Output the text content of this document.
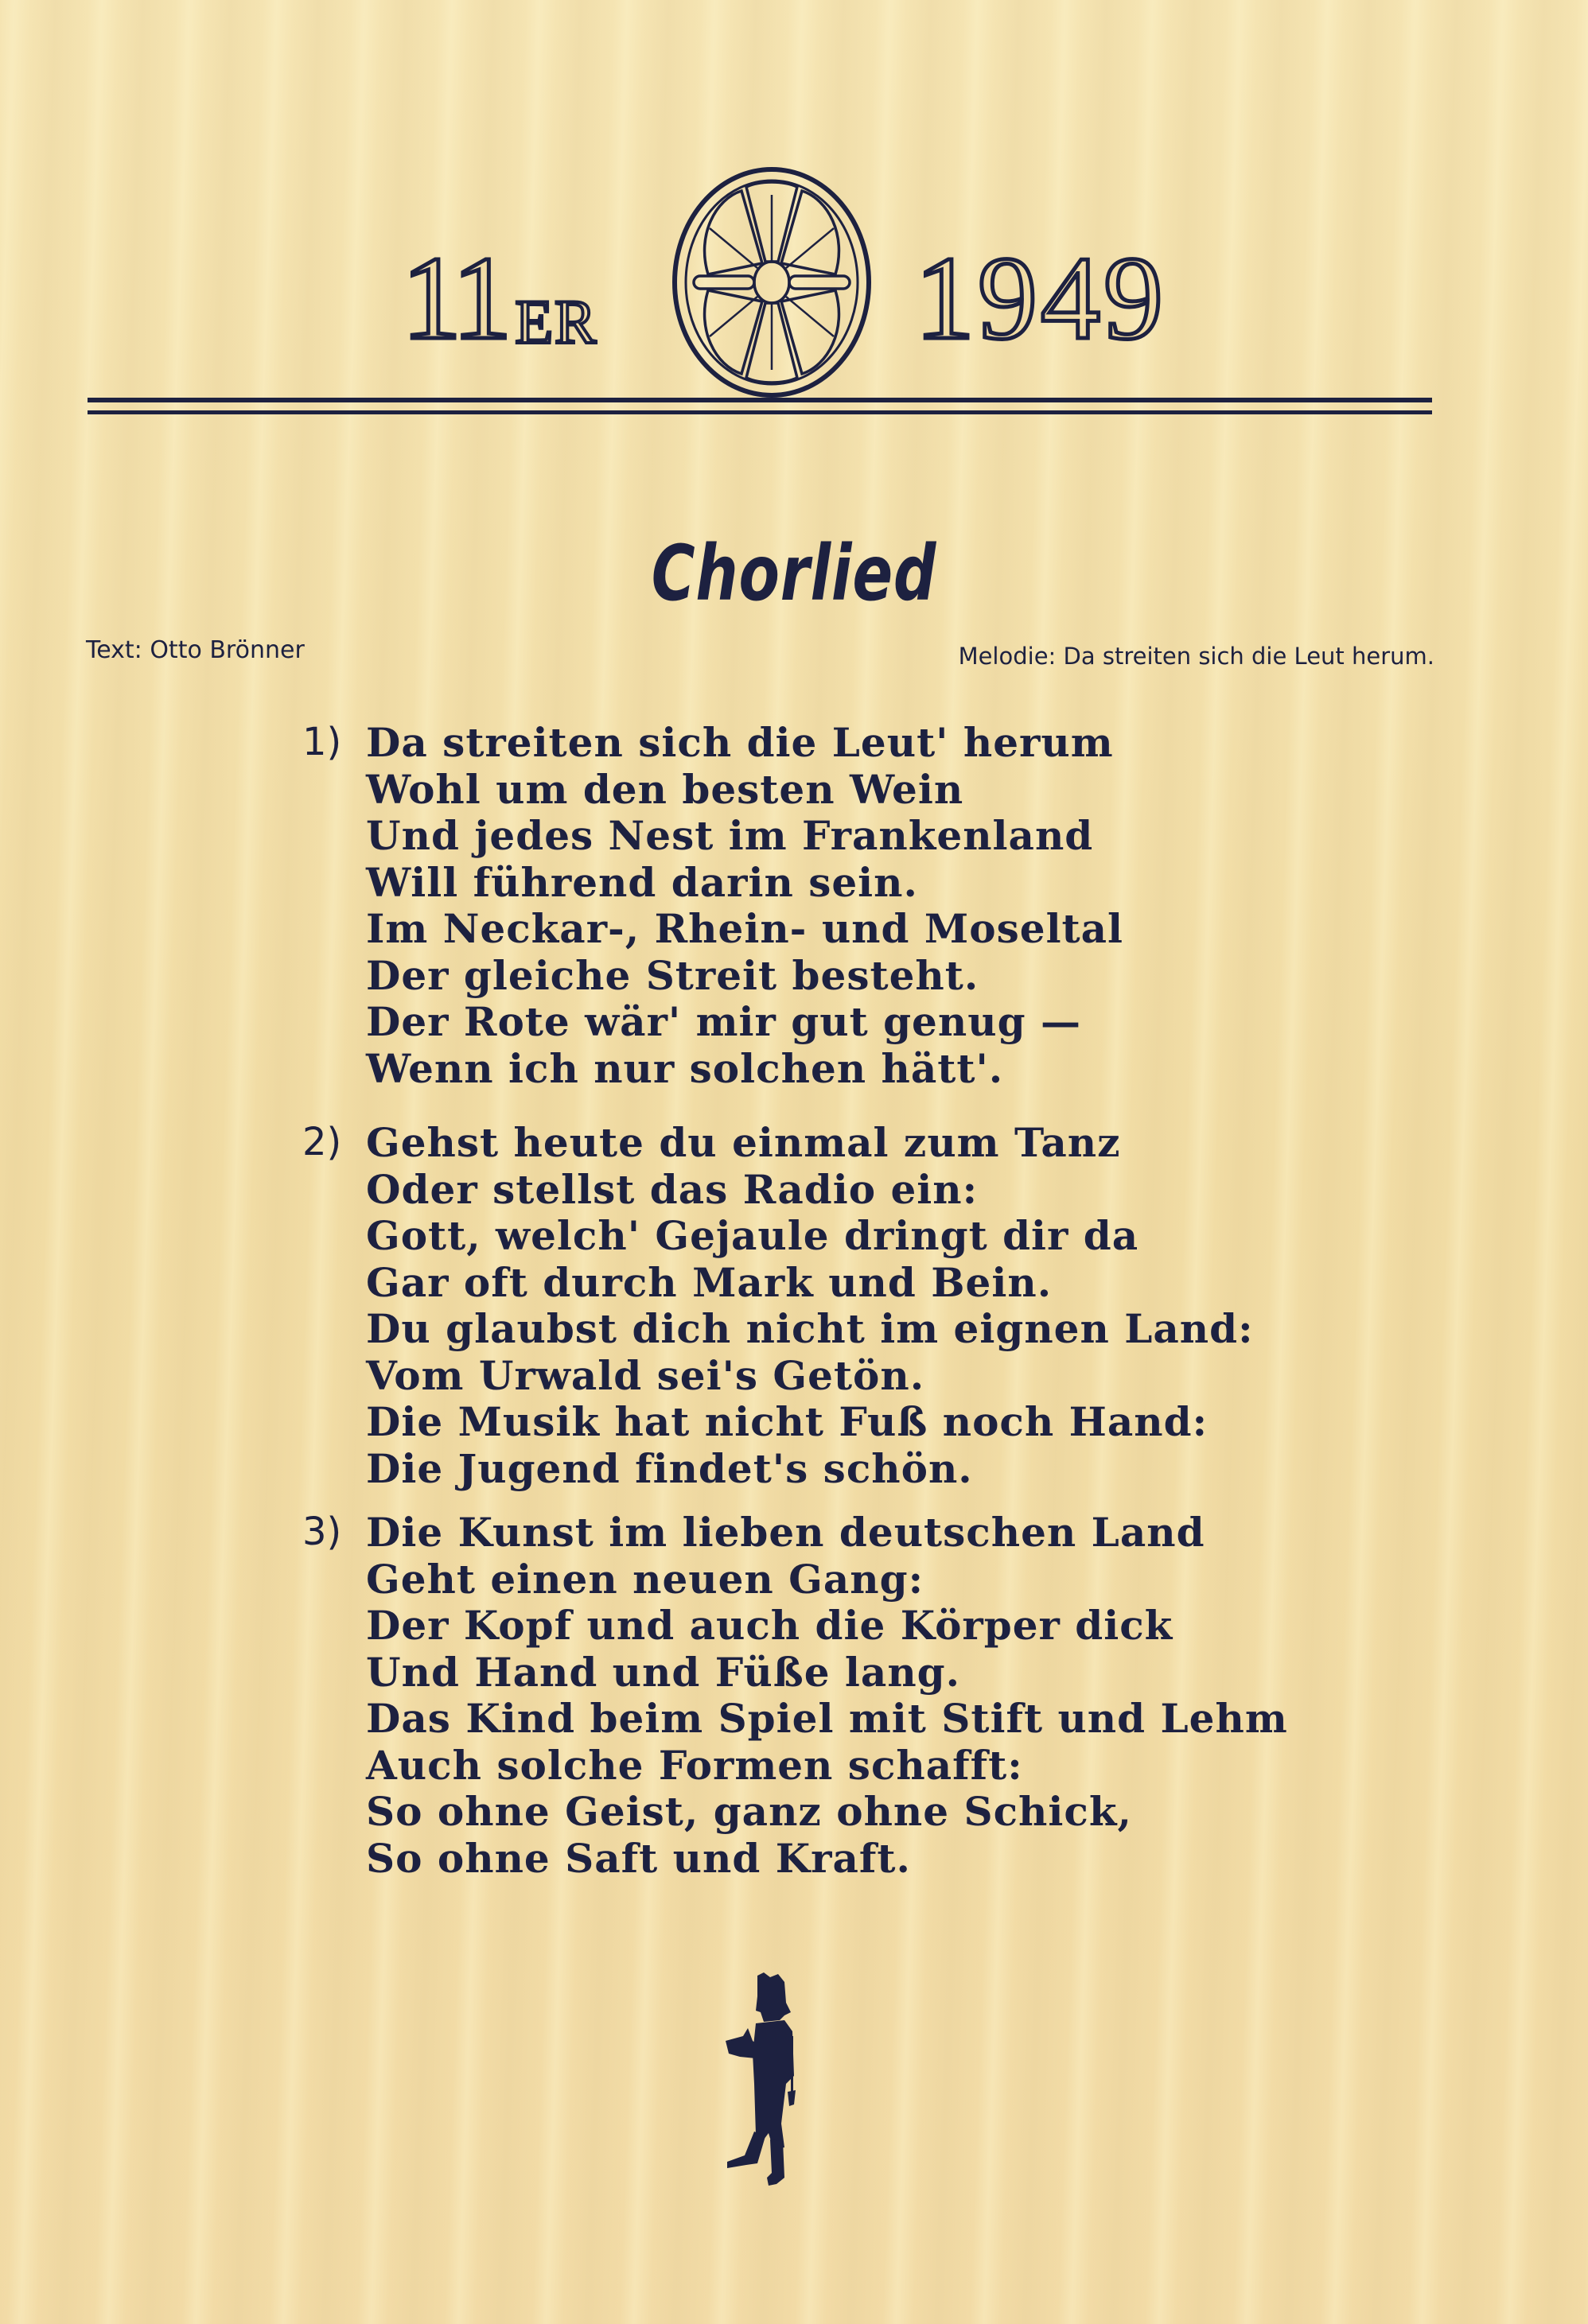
11 ER	1949
Chorlied
Text: Otto Brönner	Melodie: Da streiten sich die Leut herum.
1) Da streiten sich die Leut' herum
Wohl um den besten Wein
Und jedes Nest im Frankenland
Will führend darin sein.
Im Neckar-, Rhein- und Moseltal
Der gleiche Streit besteht.
Der Rote wär' mir gut genug —
Wenn ich nur solchen hätt'.
2) Gehst heute du einmal zum Tanz
Oder stellst das Radio ein:
Gott, welch' Gejaule dringt dir da
Gar oft durch Mark und Bein.
Du glaubst dich nicht im eignen Land:
Vom Urwald sei's Getön.
Die Musik hat nicht Fuß noch Hand:
Die Jugend findet's schön.
3) Die Kunst im lieben deutschen Land
Geht einen neuen Gang:
Der Kopf und auch die Körper dick
Und Hand und Füße lang.
Das Kind beim Spiel mit Stift und Lehm
Auch solche Formen schafft:
So ohne Geist, ganz ohne Schick,
So ohne Saft und Kraft.
